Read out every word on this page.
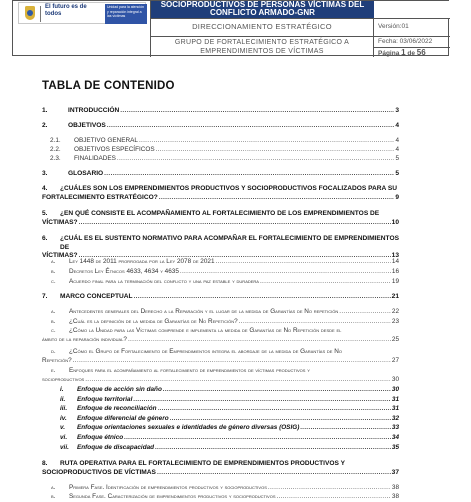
El futuro es de todos
Unidad para la atención y reparación integral a las víctimas
SOCIOPRODUCTIVOS DE PERSONAS VÍCTIMAS DEL
CONFLICTO ARMADO-GNR
DIRECCIONAMIENTO ESTRATÉGICO
GRUPO DE FORTALECIMIENTO ESTRATÉGICO A
EMPRENDIMIENTOS DE VÍCTIMAS
Versión:01
Fecha: 03/06/2022
Página 1 de 56
TABLA DE CONTENIDO
1.	INTRODUCCIÓN .....	3
2.	OBJETIVOS .....	4
2.1. OBJETIVO GENERAL .....	4
2.2. OBJETIVOS ESPECÍFICOS .....	4
2.3. FINALIDADES .....	5
3.	GLOSARIO .....	5
4.	¿CUÁLES SON LOS EMPRENDIMIENTOS PRODUCTIVOS Y SOCIOPRODUCTIVOS FOCALIZADOS PARA SU
FORTALECIMIENTO ESTRATÉGICO? .....	9
5.	¿EN QUÉ CONSISTE EL ACOMPAÑAMIENTO AL FORTALECIMIENTO DE LOS EMPRENDIMIENTOS DE
VÍCTIMAS? .....	10
6.	¿CUÁL ES EL SUSTENTO NORMATIVO PARA ACOMPAÑAR EL FORTALECIMIENTO DE EMPRENDIMIENTOS DE
VÍCTIMAS? .....	13
a. Ley 1448 de 2011 prorrogada por la Ley 2078 de 2021 .....	14
b. Decretos Ley Étnicos 4633, 4634 y 4635 .....	16
c. Acuerdo final para la terminación del conflicto y una paz estable y duradera .....	19
7. MARCO CONCEPTUAL .....	21
a. Antecedentes generales del Derecho a la Reparación y el lugar de la medida de Garantías de No repetición .....	22
b. ¿Cuál es la definición de la medida de Garantías de No Repetición? .....	23
c.	¿Cómo la Unidad para las Víctimas comprende e implementa la medida de Garantías de No Repetición desde el
ámbito de la reparación individual? .....	25
d.	¿Cómo el Grupo de Fortalecimiento de Emprendimientos integra el abordaje de la medida de Garantías de No
Repetición? .....	27
e.	Enfoques para el acompañamiento al fortalecimiento de emprendimientos de víctimas productivos y
socioproductivos .....	30
i. Enfoque de acción sin daño .....	30
ii. Enfoque territorial .....	31
iii. Enfoque de reconciliación .....	31
iv. Enfoque diferencial de género .....	32
v. Enfoque orientaciones sexuales e identidades de género diversas (OSIG) .....	33
vi. Enfoque étnico .....	34
vii. Enfoque de discapacidad .....	35
8.	RUTA OPERATIVA PARA EL FORTALECIMIENTO DE EMPRENDIMIENTOS PRODUCTIVOS Y
SOCIOPRODUCTIVOS DE VÍCTIMAS .....	37
a. Primera Fase. Identificación de emprendimientos productivos y socioproductivos .....	38
b. Segunda Fase. Caracterización de emprendimientos productivos y socioproductivos .....	38
